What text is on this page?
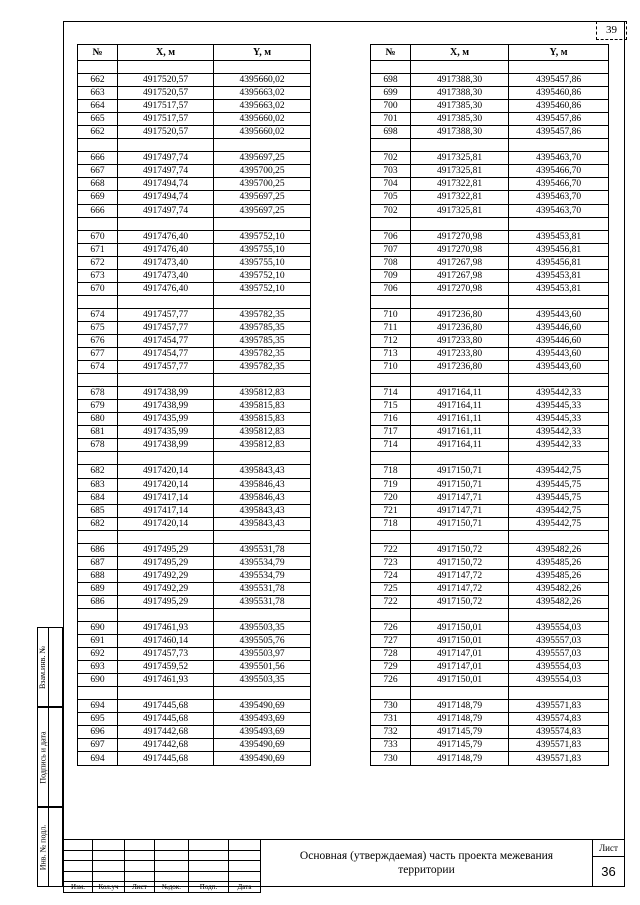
39
Взам.инв. №
Подпись и дата
Инв. № подл.
№	X, м	Y, м

662	4917520,57	4395660,02
663	4917520,57	4395663,02
664	4917517,57	4395663,02
665	4917517,57	4395660,02
662	4917520,57	4395660,02

666	4917497,74	4395697,25
667	4917497,74	4395700,25
668	4917494,74	4395700,25
669	4917494,74	4395697,25
666	4917497,74	4395697,25

670	4917476,40	4395752,10
671	4917476,40	4395755,10
672	4917473,40	4395755,10
673	4917473,40	4395752,10
670	4917476,40	4395752,10

674	4917457,77	4395782,35
675	4917457,77	4395785,35
676	4917454,77	4395785,35
677	4917454,77	4395782,35
674	4917457,77	4395782,35

678	4917438,99	4395812,83
679	4917438,99	4395815,83
680	4917435,99	4395815,83
681	4917435,99	4395812,83
678	4917438,99	4395812,83

682	4917420,14	4395843,43
683	4917420,14	4395846,43
684	4917417,14	4395846,43
685	4917417,14	4395843,43
682	4917420,14	4395843,43

686	4917495,29	4395531,78
687	4917495,29	4395534,79
688	4917492,29	4395534,79
689	4917492,29	4395531,78
686	4917495,29	4395531,78

690	4917461,93	4395503,35
691	4917460,14	4395505,76
692	4917457,73	4395503,97
693	4917459,52	4395501,56
690	4917461,93	4395503,35

694	4917445,68	4395490,69
695	4917445,68	4395493,69
696	4917442,68	4395493,69
697	4917442,68	4395490,69
694	4917445,68	4395490,69
№	X, м	Y, м

698	4917388,30	4395457,86
699	4917388,30	4395460,86
700	4917385,30	4395460,86
701	4917385,30	4395457,86
698	4917388,30	4395457,86

702	4917325,81	4395463,70
703	4917325,81	4395466,70
704	4917322,81	4395466,70
705	4917322,81	4395463,70
702	4917325,81	4395463,70

706	4917270,98	4395453,81
707	4917270,98	4395456,81
708	4917267,98	4395456,81
709	4917267,98	4395453,81
706	4917270,98	4395453,81

710	4917236,80	4395443,60
711	4917236,80	4395446,60
712	4917233,80	4395446,60
713	4917233,80	4395443,60
710	4917236,80	4395443,60

714	4917164,11	4395442,33
715	4917164,11	4395445,33
716	4917161,11	4395445,33
717	4917161,11	4395442,33
714	4917164,11	4395442,33

718	4917150,71	4395442,75
719	4917150,71	4395445,75
720	4917147,71	4395445,75
721	4917147,71	4395442,75
718	4917150,71	4395442,75

722	4917150,72	4395482,26
723	4917150,72	4395485,26
724	4917147,72	4395485,26
725	4917147,72	4395482,26
722	4917150,72	4395482,26

726	4917150,01	4395554,03
727	4917150,01	4395557,03
728	4917147,01	4395557,03
729	4917147,01	4395554,03
726	4917150,01	4395554,03

730	4917148,79	4395571,83
731	4917148,79	4395574,83
732	4917145,79	4395574,83
733	4917145,79	4395571,83
730	4917148,79	4395571,83

Изм.	Кол.уч	Лист	№док.	Подп.	Дата
Основная (утверждаемая) часть проекта межевания территории
Лист
36
